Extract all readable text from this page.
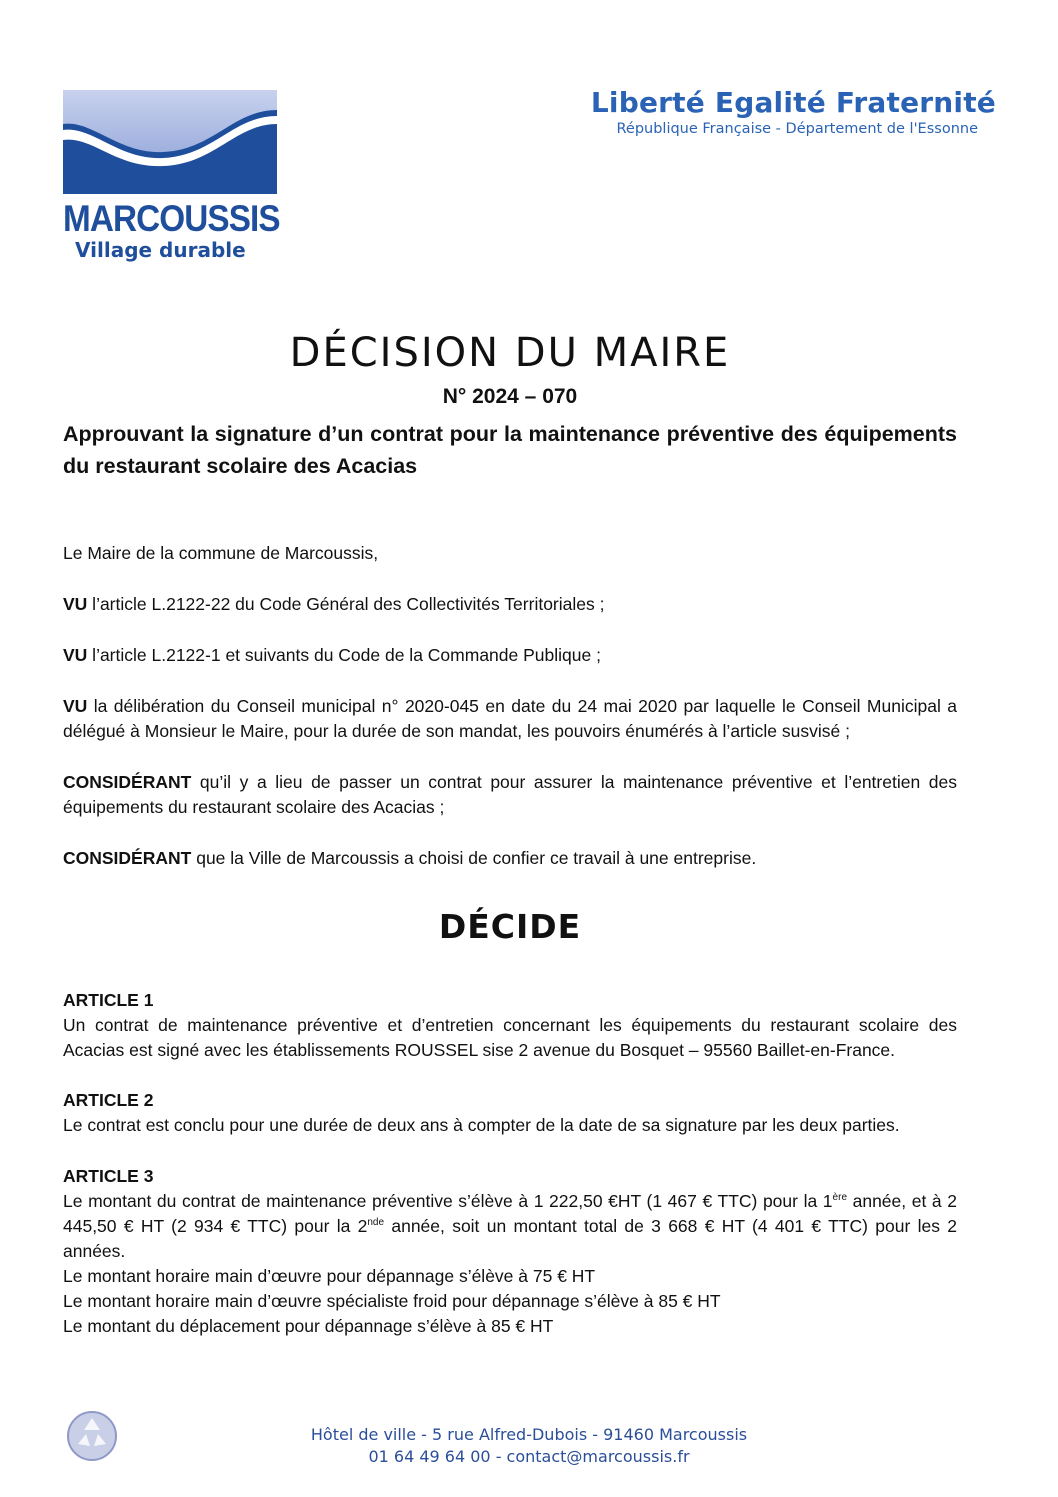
MARCOUSSIS
Village durable
Liberté Egalité Fraternité
République Française - Département de l'Essonne
DÉCISION DU MAIRE
N° 2024 – 070
Approuvant la signature d’un contrat pour la maintenance préventive des équipements du restaurant scolaire des Acacias
Le Maire de la commune de Marcoussis,
VU l’article L.2122-22 du Code Général des Collectivités Territoriales ;
VU l’article L.2122-1 et suivants du Code de la Commande Publique ;
VU la délibération du Conseil municipal n° 2020-045 en date du 24 mai 2020 par laquelle le Conseil Municipal a délégué à Monsieur le Maire, pour la durée de son mandat, les pouvoirs énumérés à l’article susvisé ;
CONSIDÉRANT qu’il y a lieu de passer un contrat pour assurer la maintenance préventive et l’entretien des équipements du restaurant scolaire des Acacias ;
CONSIDÉRANT que la Ville de Marcoussis a choisi de confier ce travail à une entreprise.
DÉCIDE
ARTICLE 1
Un contrat de maintenance préventive et d’entretien concernant les équipements du restaurant scolaire des Acacias est signé avec les établissements ROUSSEL sise 2 avenue du Bosquet – 95560 Baillet-en-France.
ARTICLE 2
Le contrat est conclu pour une durée de deux ans à compter de la date de sa signature par les deux parties.
ARTICLE 3
Le montant du contrat de maintenance préventive s’élève à 1 222,50 €HT (1 467 € TTC) pour la 1ère année, et à 2 445,50 € HT (2 934 € TTC) pour la 2nde année, soit un montant total de 3 668 € HT (4 401 € TTC) pour les 2 années.
Le montant horaire main d’œuvre pour dépannage s’élève à 75 € HT
Le montant horaire main d’œuvre spécialiste froid pour dépannage s’élève à 85 € HT
Le montant du déplacement pour dépannage s’élève à 85 € HT
Hôtel de ville - 5 rue Alfred-Dubois - 91460 Marcoussis
01 64 49 64 00 - contact@marcoussis.fr
